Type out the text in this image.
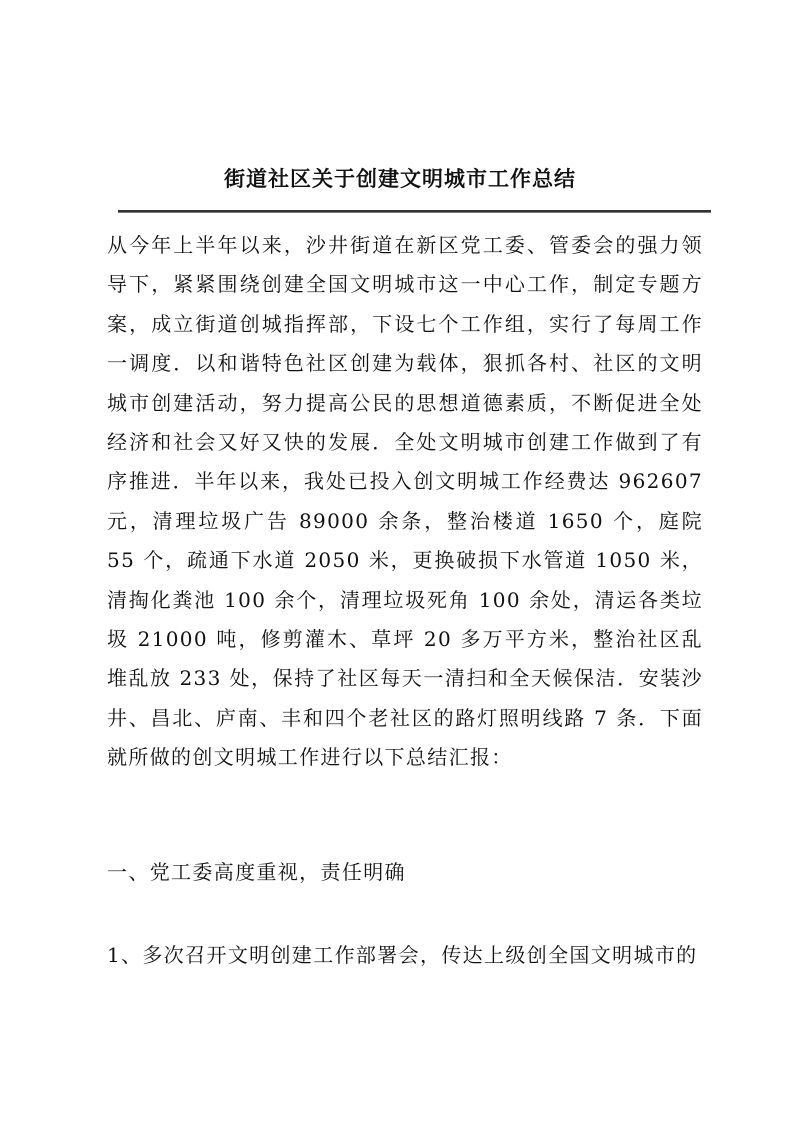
街道社区关于创建文明城市工作总结

从今年上半年以来，沙井街道在新区党工委、管委会的强力领导下，紧紧围绕创建全国文明城市这一中心工作，制定专题方案，成立街道创城指挥部，下设七个工作组，实行了每周工作一调度．以和谐特色社区创建为载体，狠抓各村、社区的文明城市创建活动，努力提高公民的思想道德素质，不断促进全处经济和社会又好又快的发展．全处文明城市创建工作做到了有序推进．半年以来，我处已投入创文明城工作经费达 962607 元，清理垃圾广告 89000 余条，整治楼道 1650 个，庭院 55 个，疏通下水道 2050 米，更换破损下水管道 1050 米，清掏化粪池 100 余个，清理垃圾死角 100 余处，清运各类垃圾 21000 吨，修剪灌木、草坪 20 多万平方米，整治社区乱堆乱放 233 处，保持了社区每天一清扫和全天候保洁．安装沙井、昌北、庐南、丰和四个老社区的路灯照明线路 7 条．下面就所做的创文明城工作进行以下总结汇报：

一、党工委高度重视，责任明确

1、多次召开文明创建工作部署会，传达上级创全国文明城市的
